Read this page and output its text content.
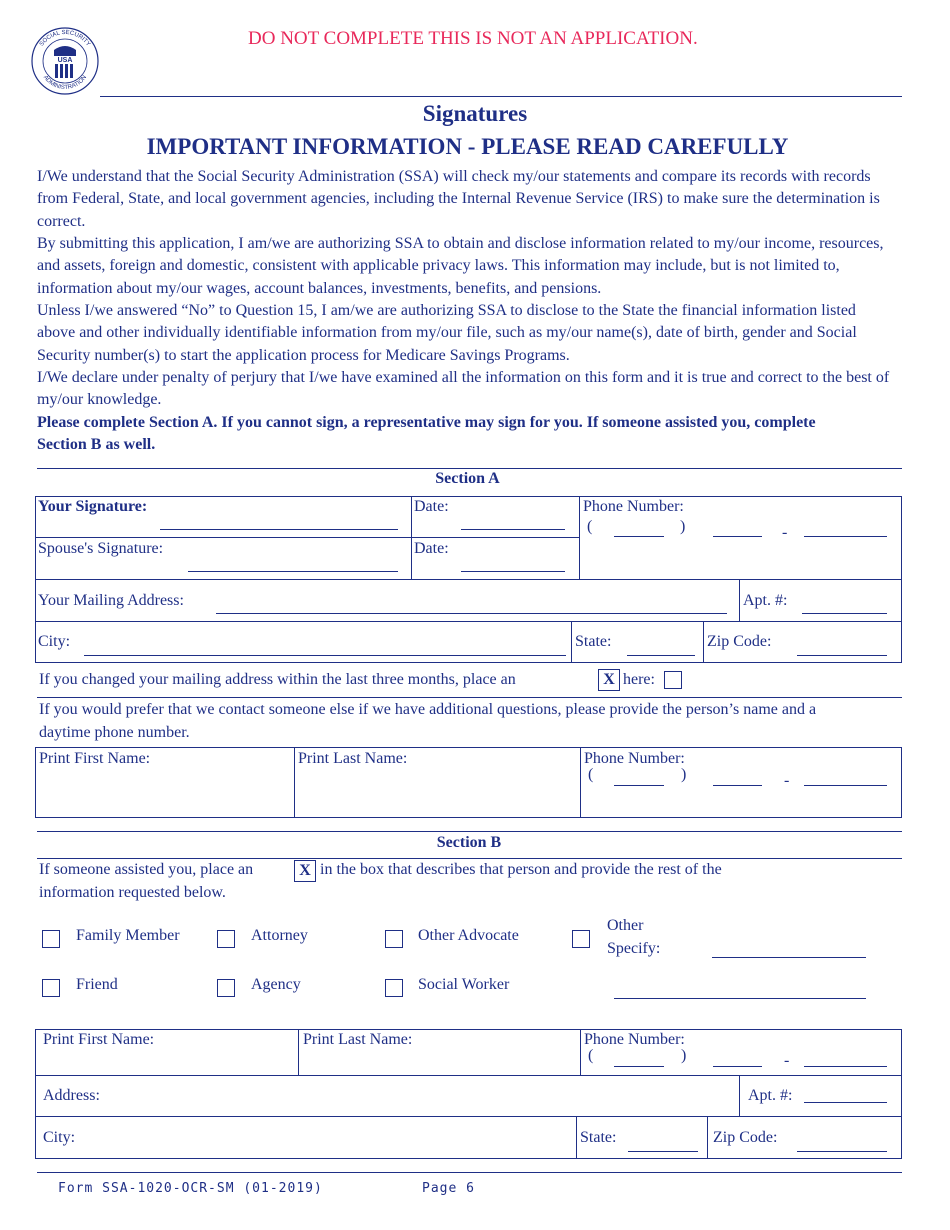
USA
SOCIAL SECURITY
ADMINISTRATION
DO NOT COMPLETE THIS IS NOT AN APPLICATION.
Signatures
IMPORTANT INFORMATION - PLEASE READ CAREFULLY
I/We understand that the Social Security Administration (SSA) will check my/our statements and compare its records with records from Federal, State, and local government agencies, including the Internal Revenue Service (IRS) to make sure the determination is correct.
By submitting this application, I am/we are authorizing SSA to obtain and disclose information related to my/our income, resources, and assets, foreign and domestic, consistent with applicable privacy laws. This information may include, but is not limited to, information about my/our wages, account balances, investments, benefits, and pensions.
Unless I/we answered “No” to Question 15, I am/we are authorizing SSA to disclose to the State the financial information listed above and other individually identifiable information from my/our file, such as my/our name(s), date of birth, gender and Social Security number(s) to start the application process for Medicare Savings Programs.
I/We declare under penalty of perjury that I/we have examined all the information on this form and it is true and correct to the best of my/our knowledge.
Please complete Section A. If you cannot sign, a representative may sign for you. If someone assisted you, complete Section B as well.
Section A
Your Signature:	Date:
Spouse's Signature:	Date:
Phone Number:
(	)	-
Your Mailing Address:	Apt. #:
City:	State:	Zip Code:
If you changed your mailing address within the last three months, place an	X here:
If you would prefer that we contact someone else if we have additional questions, please provide the person’s name and a daytime phone number.
Print First Name:	Print Last Name:	Phone Number:
(	)	-
Section B
If someone assisted you, place an	X in the box that describes that person and provide the rest of the
information requested below.
Family Member	Attorney	Other Advocate
Other
Specify:
Friend	Agency	Social Worker
Print First Name:	Print Last Name:	Phone Number:
(	)	-
Address:	Apt. #:
City:	State:	Zip Code:
Form SSA-1020-OCR-SM (01-2019)	Page 6
